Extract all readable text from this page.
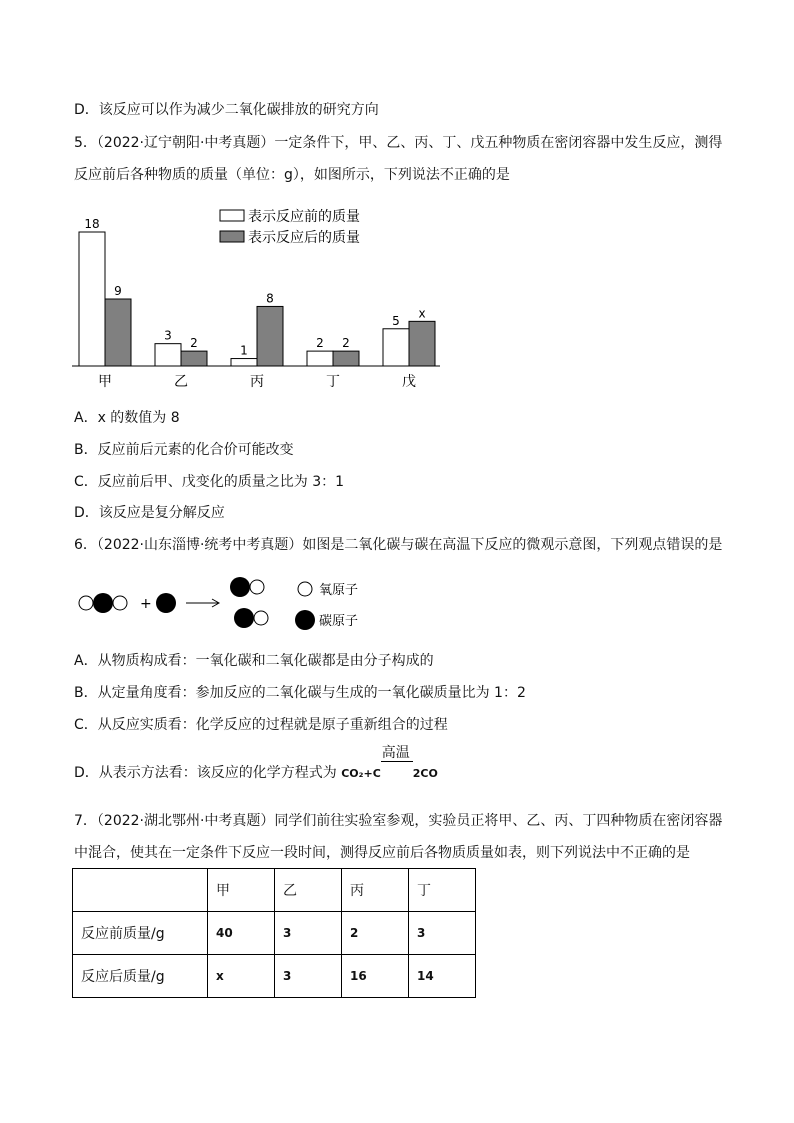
D．该反应可以作为减少二氧化碳排放的研究方向
5．（2022·辽宁朝阳·中考真题）一定条件下，甲、乙、丙、丁、戊五种物质在密闭容器中发生反应，测得
反应前后各种物质的质量（单位：g），如图所示，下列说法不正确的是
表示反应前的质量
表示反应后的质量
18
9
甲
3
2
乙
1
8
丙
2 2
丁
5
x
戊
A．x 的数值为 8
B．反应前后元素的化合价可能改变
C．反应前后甲、戊变化的质量之比为 3：1
D．该反应是复分解反应
6．（2022·山东淄博·统考中考真题）如图是二氧化碳与碳在高温下反应的微观示意图，下列观点错误的是
+
氧原子
碳原子
A．从物质构成看：一氧化碳和二氧化碳都是由分子构成的
B．从定量角度看：参加反应的二氧化碳与生成的一氧化碳质量比为 1：2
C．从反应实质看：化学反应的过程就是原子重新组合的过程
D．从表示方法看：该反应的化学方程式为 CO₂+C
高温
2CO
7．（2022·湖北鄂州·中考真题）同学们前往实验室参观，实验员正将甲、乙、丙、丁四种物质在密闭容器
中混合，使其在一定条件下反应一段时间，测得反应前后各物质质量如表，则下列说法中不正确的是
	甲	乙	丙	丁
反应前质量/g	40	3	2	3
反应后质量/g	x	3	16	14
